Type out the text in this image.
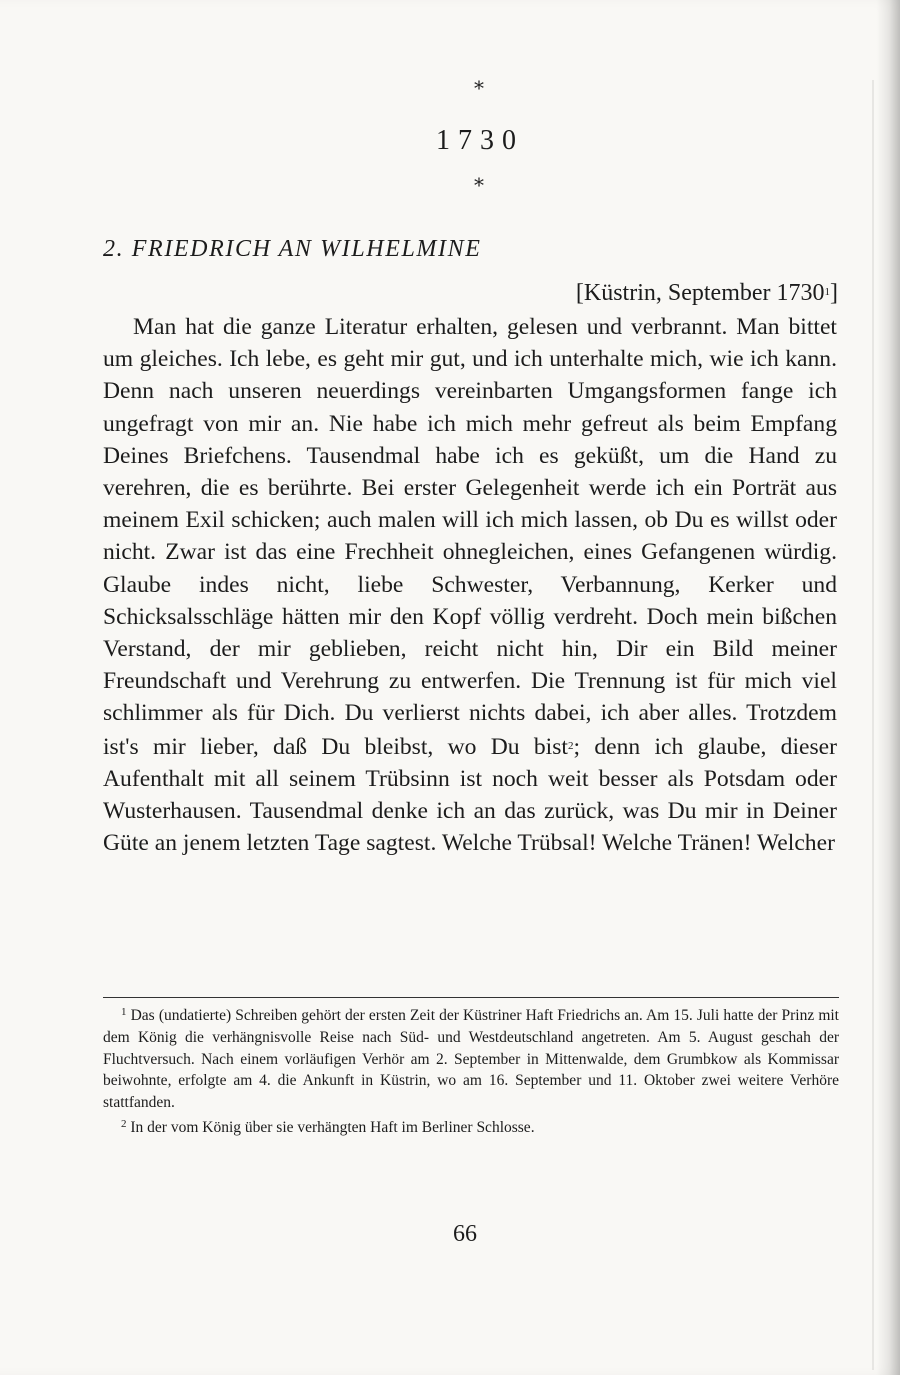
*
1730
*
2. FRIEDRICH AN WILHELMINE
[Küstrin, September 1730$^1$]

Man hat die ganze Literatur erhalten, gelesen und verbrannt. Man bittet um gleiches. Ich lebe, es geht mir gut, und ich unterhalte mich, wie ich kann. Denn nach unseren neuerdings vereinbarten Umgangsformen fange ich ungefragt von mir an. Nie habe ich mich mehr gefreut als beim Empfang Deines Briefchens. Tausendmal habe ich es geküßt, um die Hand zu verehren, die es berührte. Bei erster Gelegenheit werde ich ein Porträt aus meinem Exil schicken; auch malen will ich mich lassen, ob Du es willst oder nicht. Zwar ist das eine Frechheit ohnegleichen, eines Gefangenen würdig. Glaube indes nicht, liebe Schwester, Verbannung, Kerker und Schicksalsschläge hätten mir den Kopf völlig verdreht. Doch mein bißchen Verstand, der mir geblieben, reicht nicht hin, Dir ein Bild meiner Freundschaft und Verehrung zu entwerfen. Die Trennung ist für mich viel schlimmer als für Dich. Du verlierst nichts dabei, ich aber alles. Trotzdem ist's mir lieber, daß Du bleibst, wo Du bist$^2$; denn ich glaube, dieser Aufenthalt mit all seinem Trübsinn ist noch weit besser als Potsdam oder Wusterhausen. Tausendmal denke ich an das zurück, was Du mir in Deiner Güte an jenem letzten Tage sagtest. Welche Trübsal! Welche Tränen! Welcher

$^1$ Das (undatierte) Schreiben gehört der ersten Zeit der Küstriner Haft Friedrichs an. Am 15. Juli hatte der Prinz mit dem König die verhängnisvolle Reise nach Süd- und Westdeutschland angetreten. Am 5. August geschah der Fluchtversuch. Nach einem vorläufigen Verhör am 2. September in Mittenwalde, dem Grumbkow als Kommissar beiwohnte, erfolgte am 4. die Ankunft in Küstrin, wo am 16. September und 11. Oktober zwei weitere Verhöre stattfanden.

$^2$ In der vom König über sie verhängten Haft im Berliner Schlosse.

66
